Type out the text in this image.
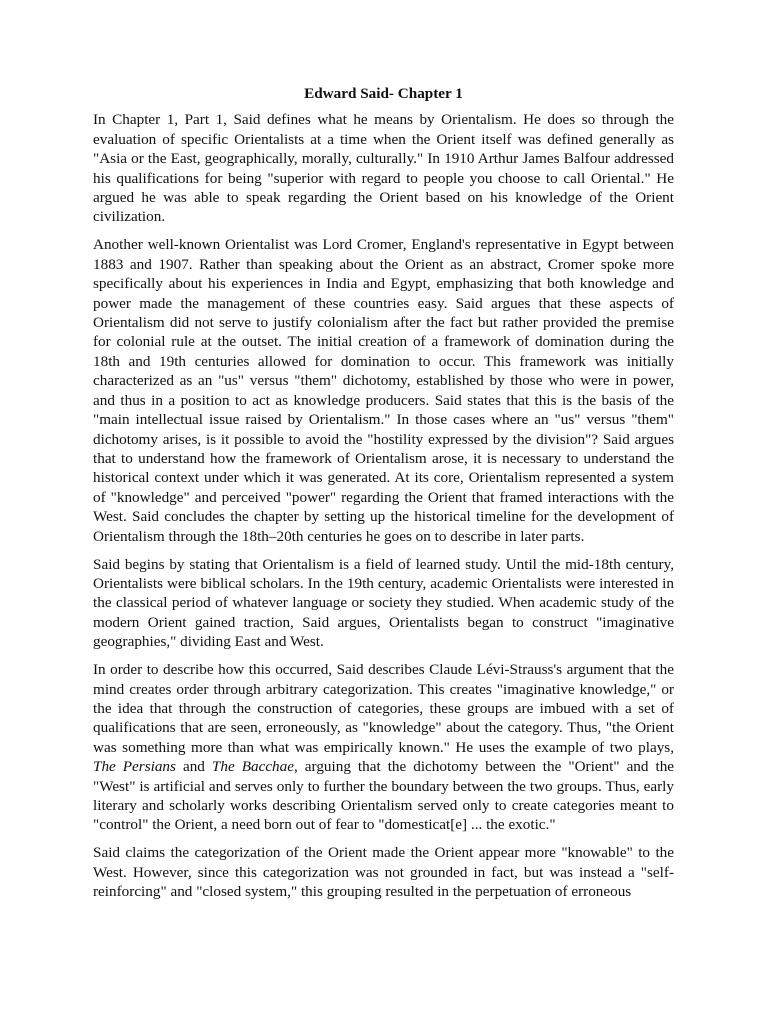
Edward Said- Chapter 1

In Chapter 1, Part 1, Said defines what he means by Orientalism. He does so through the evaluation of specific Orientalists at a time when the Orient itself was defined generally as "Asia or the East, geographically, morally, culturally." In 1910 Arthur James Balfour addressed his qualifications for being "superior with regard to people you choose to call Oriental." He argued he was able to speak regarding the Orient based on his knowledge of the Orient civilization.

Another well-known Orientalist was Lord Cromer, England's representative in Egypt between 1883 and 1907. Rather than speaking about the Orient as an abstract, Cromer spoke more specifically about his experiences in India and Egypt, emphasizing that both knowledge and power made the management of these countries easy. Said argues that these aspects of Orientalism did not serve to justify colonialism after the fact but rather provided the premise for colonial rule at the outset. The initial creation of a framework of domination during the 18th and 19th centuries allowed for domination to occur. This framework was initially characterized as an "us" versus "them" dichotomy, established by those who were in power, and thus in a position to act as knowledge producers. Said states that this is the basis of the "main intellectual issue raised by Orientalism." In those cases where an "us" versus "them" dichotomy arises, is it possible to avoid the "hostility expressed by the division"? Said argues that to understand how the framework of Orientalism arose, it is necessary to understand the historical context under which it was generated. At its core, Orientalism represented a system of "knowledge" and perceived "power" regarding the Orient that framed interactions with the West. Said concludes the chapter by setting up the historical timeline for the development of Orientalism through the 18th–20th centuries he goes on to describe in later parts.

Said begins by stating that Orientalism is a field of learned study. Until the mid-18th century, Orientalists were biblical scholars. In the 19th century, academic Orientalists were interested in the classical period of whatever language or society they studied. When academic study of the modern Orient gained traction, Said argues, Orientalists began to construct "imaginative geographies," dividing East and West.

In order to describe how this occurred, Said describes Claude Lévi-Strauss's argument that the mind creates order through arbitrary categorization. This creates "imaginative knowledge," or the idea that through the construction of categories, these groups are imbued with a set of qualifications that are seen, erroneously, as "knowledge" about the category. Thus, "the Orient was something more than what was empirically known." He uses the example of two plays, The Persians and The Bacchae, arguing that the dichotomy between the "Orient" and the "West" is artificial and serves only to further the boundary between the two groups. Thus, early literary and scholarly works describing Orientalism served only to create categories meant to "control" the Orient, a need born out of fear to "domesticat[e] ... the exotic."

Said claims the categorization of the Orient made the Orient appear more "knowable" to the West. However, since this categorization was not grounded in fact, but was instead a "self-reinforcing" and "closed system," this grouping resulted in the perpetuation of erroneous
